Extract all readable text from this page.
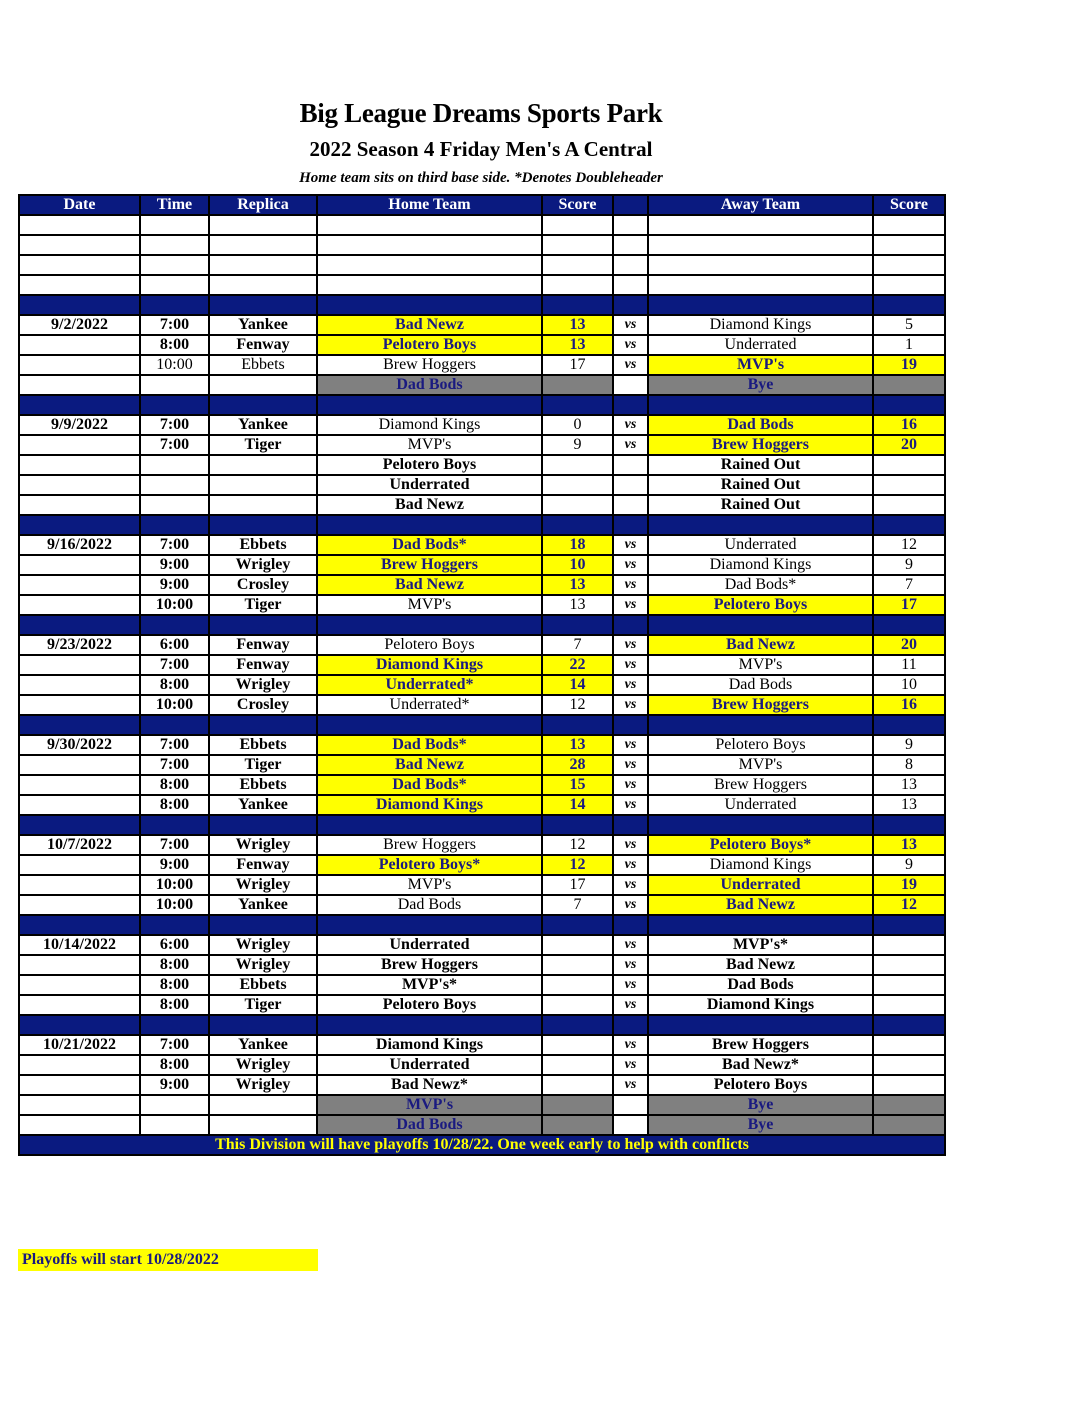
Big League Dreams Sports Park
2022 Season 4 Friday Men's A Central
Home team sits on third base side. *Denotes Doubleheader
Date	Time	Replica	Home Team	Score		Away Team	Score

9/2/2022	7:00	Yankee	Bad Newz	13	vs	Diamond Kings	5
	8:00	Fenway	Pelotero Boys	13	vs	Underrated	1
	10:00	Ebbets	Brew Hoggers	17	vs	MVP's	19
			Dad Bods			Bye	

9/9/2022	7:00	Yankee	Diamond Kings	0	vs	Dad Bods	16
	7:00	Tiger	MVP's	9	vs	Brew Hoggers	20
			Pelotero Boys			Rained Out	
			Underrated			Rained Out	
			Bad Newz			Rained Out	

9/16/2022	7:00	Ebbets	Dad Bods*	18	vs	Underrated	12
	9:00	Wrigley	Brew Hoggers	10	vs	Diamond Kings	9
	9:00	Crosley	Bad Newz	13	vs	Dad Bods*	7
	10:00	Tiger	MVP's	13	vs	Pelotero Boys	17

9/23/2022	6:00	Fenway	Pelotero Boys	7	vs	Bad Newz	20
	7:00	Fenway	Diamond Kings	22	vs	MVP's	11
	8:00	Wrigley	Underrated*	14	vs	Dad Bods	10
	10:00	Crosley	Underrated*	12	vs	Brew Hoggers	16

9/30/2022	7:00	Ebbets	Dad Bods*	13	vs	Pelotero Boys	9
	7:00	Tiger	Bad Newz	28	vs	MVP's	8
	8:00	Ebbets	Dad Bods*	15	vs	Brew Hoggers	13
	8:00	Yankee	Diamond Kings	14	vs	Underrated	13

10/7/2022	7:00	Wrigley	Brew Hoggers	12	vs	Pelotero Boys*	13
	9:00	Fenway	Pelotero Boys*	12	vs	Diamond Kings	9
	10:00	Wrigley	MVP's	17	vs	Underrated	19
	10:00	Yankee	Dad Bods	7	vs	Bad Newz	12

10/14/2022	6:00	Wrigley	Underrated		vs	MVP's*	
	8:00	Wrigley	Brew Hoggers		vs	Bad Newz	
	8:00	Ebbets	MVP's*		vs	Dad Bods	
	8:00	Tiger	Pelotero Boys		vs	Diamond Kings	

10/21/2022	7:00	Yankee	Diamond Kings		vs	Brew Hoggers	
	8:00	Wrigley	Underrated		vs	Bad Newz*	
	9:00	Wrigley	Bad Newz*		vs	Pelotero Boys	
			MVP's			Bye	
			Dad Bods			Bye	
This Division will have playoffs 10/28/22. One week early to help with conflicts							
Playoffs will start 10/28/2022
